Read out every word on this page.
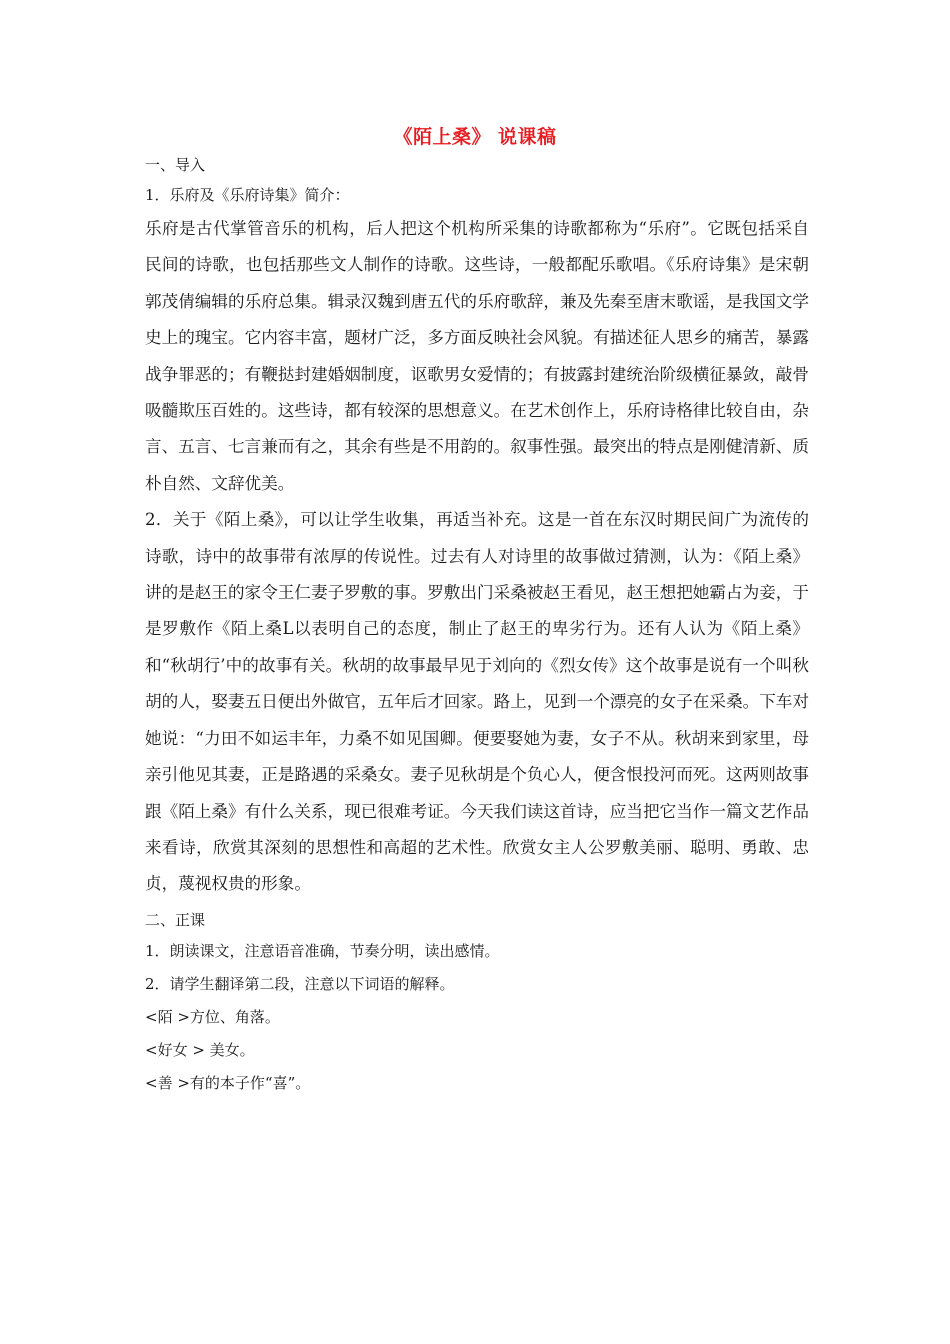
《陌上桑》 说课稿

一、导入

1．乐府及《乐府诗集》简介：

乐府是古代掌管音乐的机构，后人把这个机构所采集的诗歌都称为“乐府”。它既包括采自民间的诗歌，也包括那些文人制作的诗歌。这些诗，一般都配乐歌唱。《乐府诗集》是宋朝郭茂倩编辑的乐府总集。辑录汉魏到唐五代的乐府歌辞，兼及先秦至唐末歌谣，是我国文学史上的瑰宝。它内容丰富，题材广泛，多方面反映社会风貌。有描述征人思乡的痛苦，暴露战争罪恶的；有鞭挞封建婚姻制度，讴歌男女爱情的；有披露封建统治阶级横征暴敛，敲骨吸髓欺压百姓的。这些诗，都有较深的思想意义。在艺术创作上，乐府诗格律比较自由，杂言、五言、七言兼而有之，其余有些是不用韵的。叙事性强。最突出的特点是刚健清新、质朴自然、文辞优美。

2．关于《陌上桑》，可以让学生收集，再适当补充。这是一首在东汉时期民间广为流传的诗歌，诗中的故事带有浓厚的传说性。过去有人对诗里的故事做过猜测，认为：《陌上桑》讲的是赵王的家令王仁妻子罗敷的事。罗敷出门采桑被赵王看见，赵王想把她霸占为妾，于是罗敷作《陌上桑L以表明自己的态度，制止了赵王的卑劣行为。还有人认为《陌上桑》和“秋胡行’中的故事有关。秋胡的故事最早见于刘向的《烈女传》这个故事是说有一个叫秋胡的人，娶妻五日便出外做官，五年后才回家。路上，见到一个漂亮的女子在采桑。下车对她说：“力田不如运丰年，力桑不如见国卿。便要娶她为妻，女子不从。秋胡来到家里，母亲引他见其妻，正是路遇的采桑女。妻子见秋胡是个负心人，便含恨投河而死。这两则故事跟《陌上桑》有什么关系，现已很难考证。今天我们读这首诗，应当把它当作一篇文艺作品来看诗，欣赏其深刻的思想性和高超的艺术性。欣赏女主人公罗敷美丽、聪明、勇敢、忠贞，蔑视权贵的形象。

二、正课

1．朗读课文，注意语音准确，节奏分明，读出感情。

2．请学生翻译第二段，注意以下词语的解释。

<陌 >方位、角落。

<好女 > 美女。

<善 >有的本子作“喜”。
